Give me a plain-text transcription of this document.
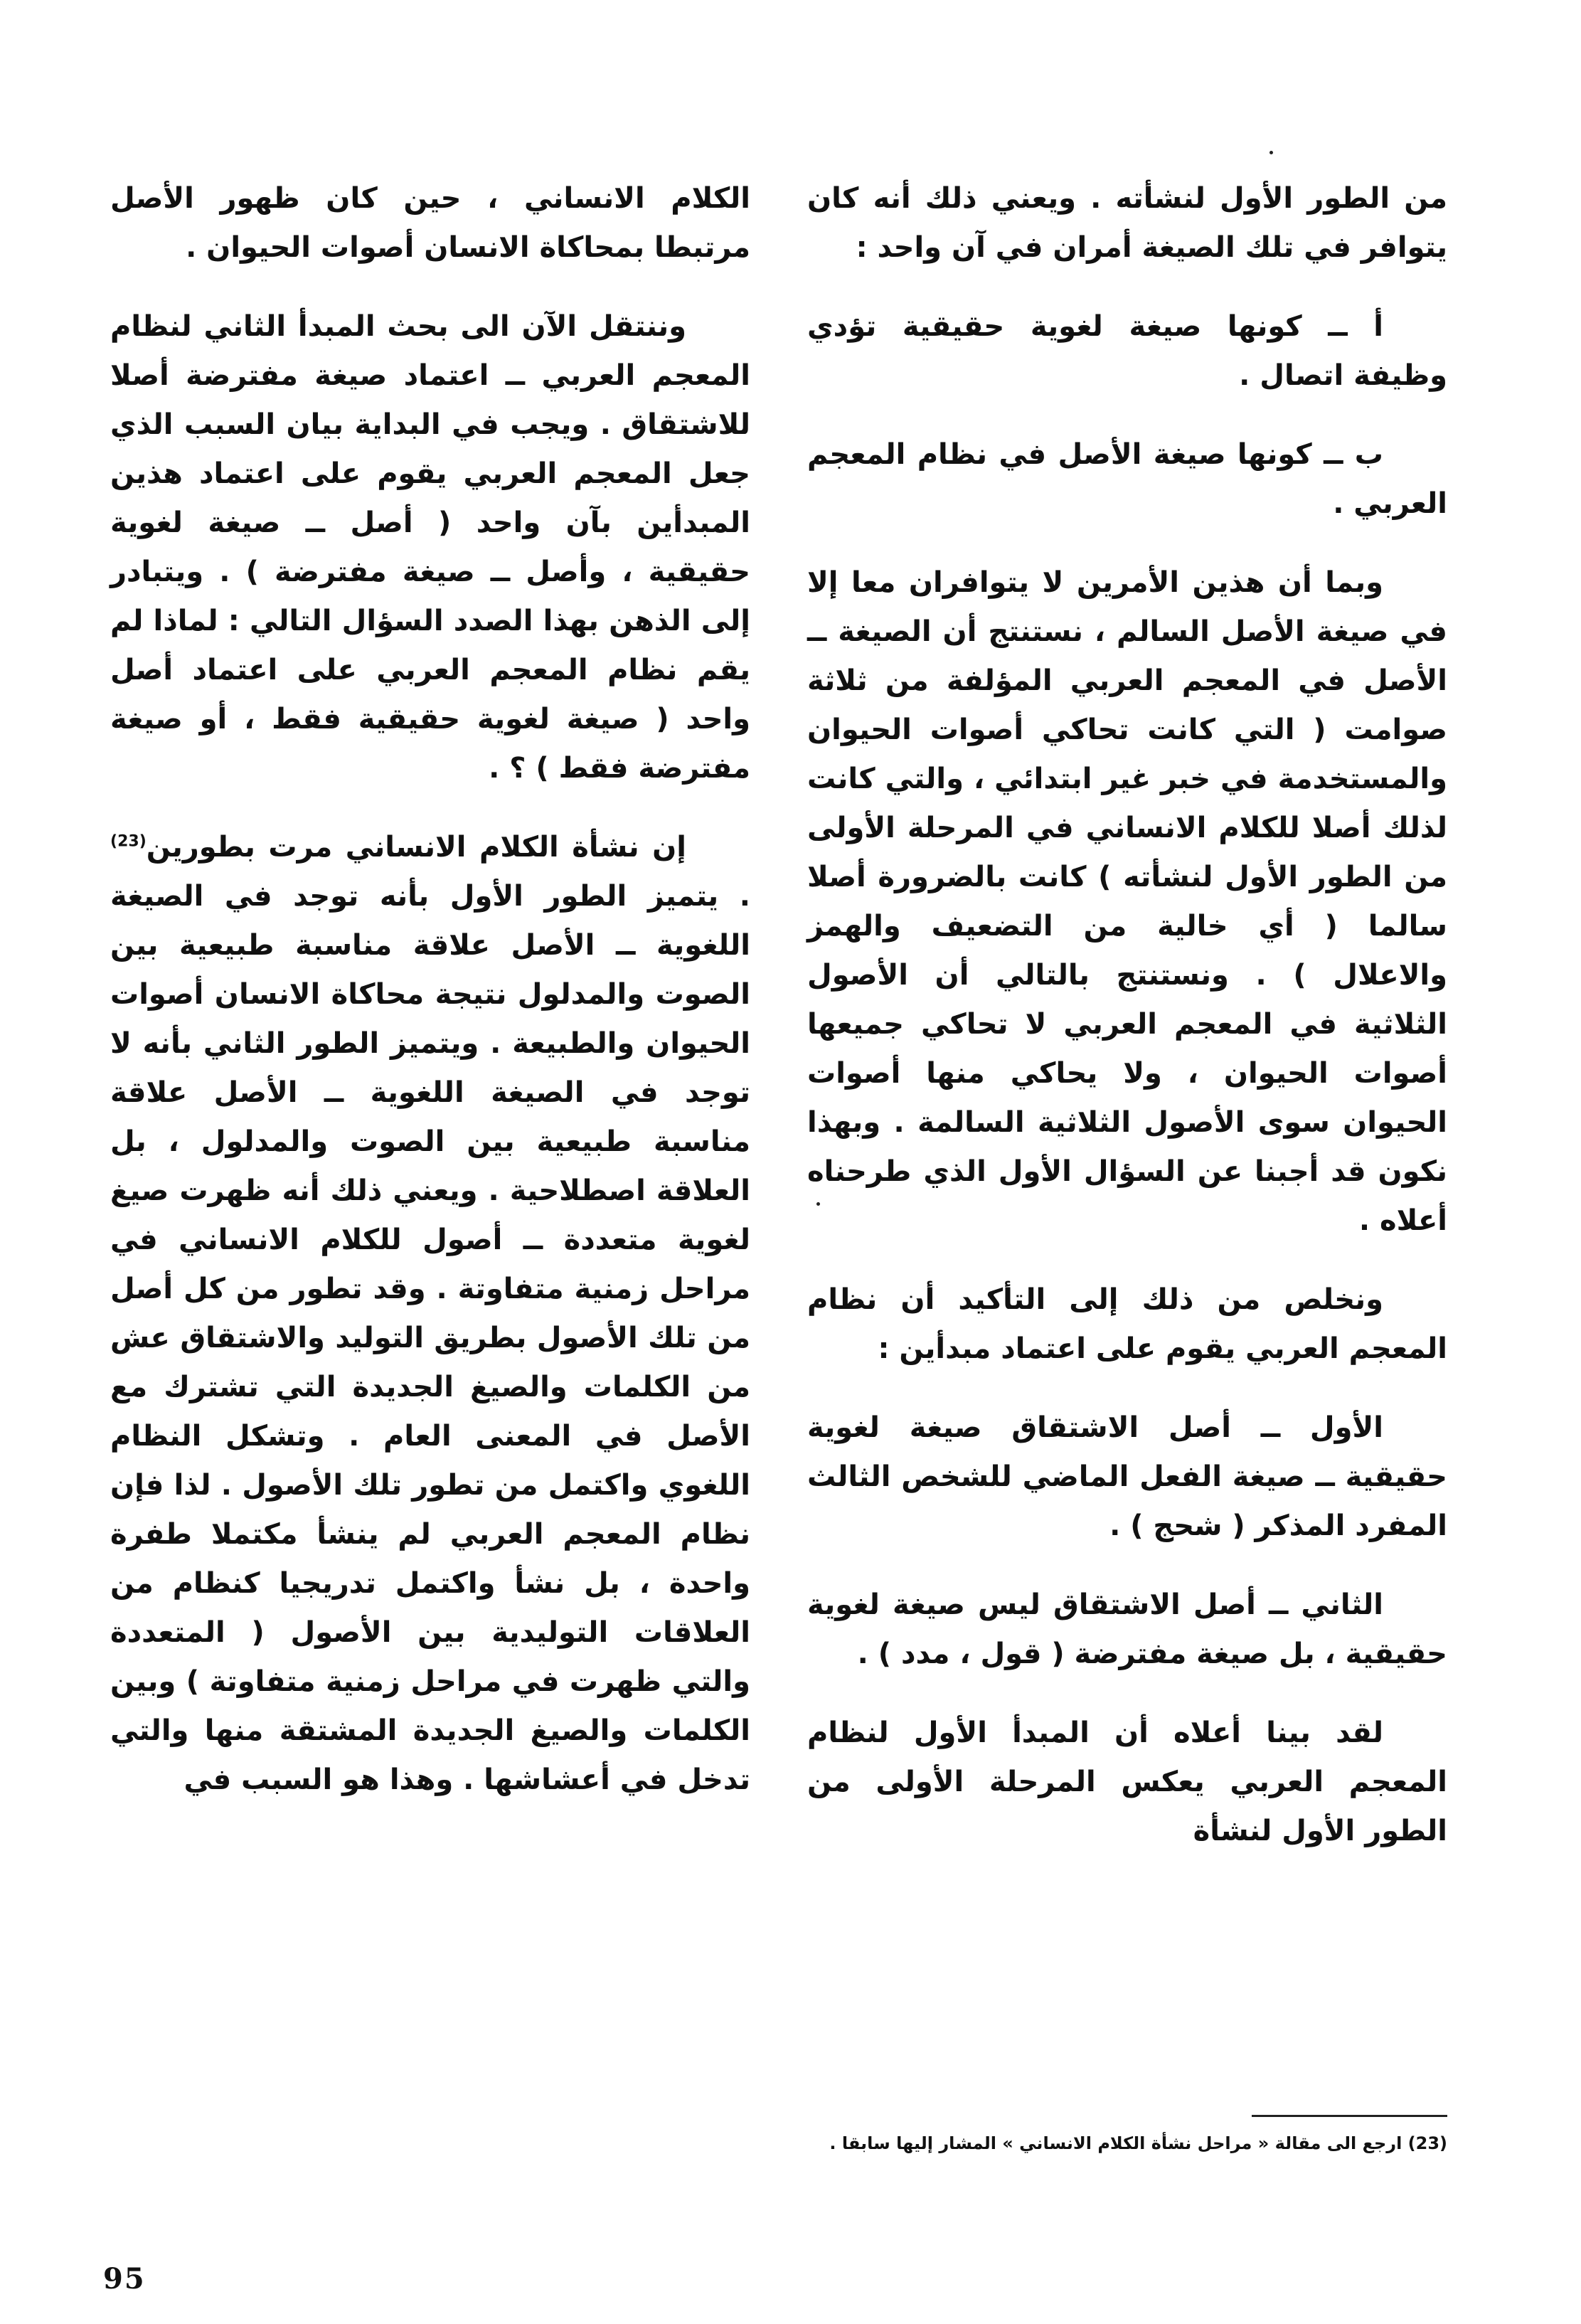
من الطور الأول لنشأته . ويعني ذلك أنه كان يتوافر في تلك الصيغة أمران في آن واحد :

أ ــ كونها صيغة لغوية حقيقية تؤدي وظيفة اتصال .

ب ــ كونها صيغة الأصل في نظام المعجم العربي .

وبما أن هذين الأمرين لا يتوافران معا إلا في صيغة الأصل السالم ، نستنتج أن الصيغة ــ الأصل في المعجم العربي المؤلفة من ثلاثة صوامت ( التي كانت تحاكي أصوات الحيوان والمستخدمة في خبر غير ابتدائي ، والتي كانت لذلك أصلا للكلام الانساني في المرحلة الأولى من الطور الأول لنشأته ) كانت بالضرورة أصلا سالما ( أي خالية من التضعيف والهمز والاعلال ) . ونستنتج بالتالي أن الأصول الثلاثية في المعجم العربي لا تحاكي جميعها أصوات الحيوان ، ولا يحاكي منها أصوات الحيوان سوى الأصول الثلاثية السالمة . وبهذا نكون قد أجبنا عن السؤال الأول الذي طرحناه أعلاه .

ونخلص من ذلك إلى التأكيد أن نظام المعجم العربي يقوم على اعتماد مبدأين :

الأول ــ أصل الاشتقاق صيغة لغوية حقيقية ــ صيغة الفعل الماضي للشخص الثالث المفرد المذكر ( شحج ) .

الثاني ــ أصل الاشتقاق ليس صيغة لغوية حقيقية ، بل صيغة مفترضة ( قول ، مدد ) .

لقد بينا أعلاه أن المبدأ الأول لنظام المعجم العربي يعكس المرحلة الأولى من الطور الأول لنشأة

الكلام الانساني ، حين كان ظهور الأصل مرتبطا بمحاكاة الانسان أصوات الحيوان .

وننتقل الآن الى بحث المبدأ الثاني لنظام المعجم العربي ــ اعتماد صيغة مفترضة أصلا للاشتقاق . ويجب في البداية بيان السبب الذي جعل المعجم العربي يقوم على اعتماد هذين المبدأين بآن واحد ( أصل ــ صيغة لغوية حقيقية ، وأصل ــ صيغة مفترضة ) . ويتبادر إلى الذهن بهذا الصدد السؤال التالي : لماذا لم يقم نظام المعجم العربي على اعتماد أصل واحد ( صيغة لغوية حقيقية فقط ، أو صيغة مفترضة فقط ) ؟ .

إن نشأة الكلام الانساني مرت بطورين$^{(23)}$ . يتميز الطور الأول بأنه توجد في الصيغة اللغوية ــ الأصل علاقة مناسبة طبيعية بين الصوت والمدلول نتيجة محاكاة الانسان أصوات الحيوان والطبيعة . ويتميز الطور الثاني بأنه لا توجد في الصيغة اللغوية ــ الأصل علاقة مناسبة طبيعية بين الصوت والمدلول ، بل العلاقة اصطلاحية . ويعني ذلك أنه ظهرت صيغ لغوية متعددة ــ أصول للكلام الانساني في مراحل زمنية متفاوتة . وقد تطور من كل أصل من تلك الأصول بطريق التوليد والاشتقاق عش من الكلمات والصيغ الجديدة التي تشترك مع الأصل في المعنى العام . وتشكل النظام اللغوي واكتمل من تطور تلك الأصول . لذا فإن نظام المعجم العربي لم ينشأ مكتملا طفرة واحدة ، بل نشأ واكتمل تدريجيا كنظام من العلاقات التوليدية بين الأصول ( المتعددة والتي ظهرت في مراحل زمنية متفاوتة ) وبين الكلمات والصيغ الجديدة المشتقة منها والتي تدخل في أعشاشها . وهذا هو السبب في

(23) ارجع الى مقالة « مراحل نشأة الكلام الانساني » المشار إليها سابقا .
95
